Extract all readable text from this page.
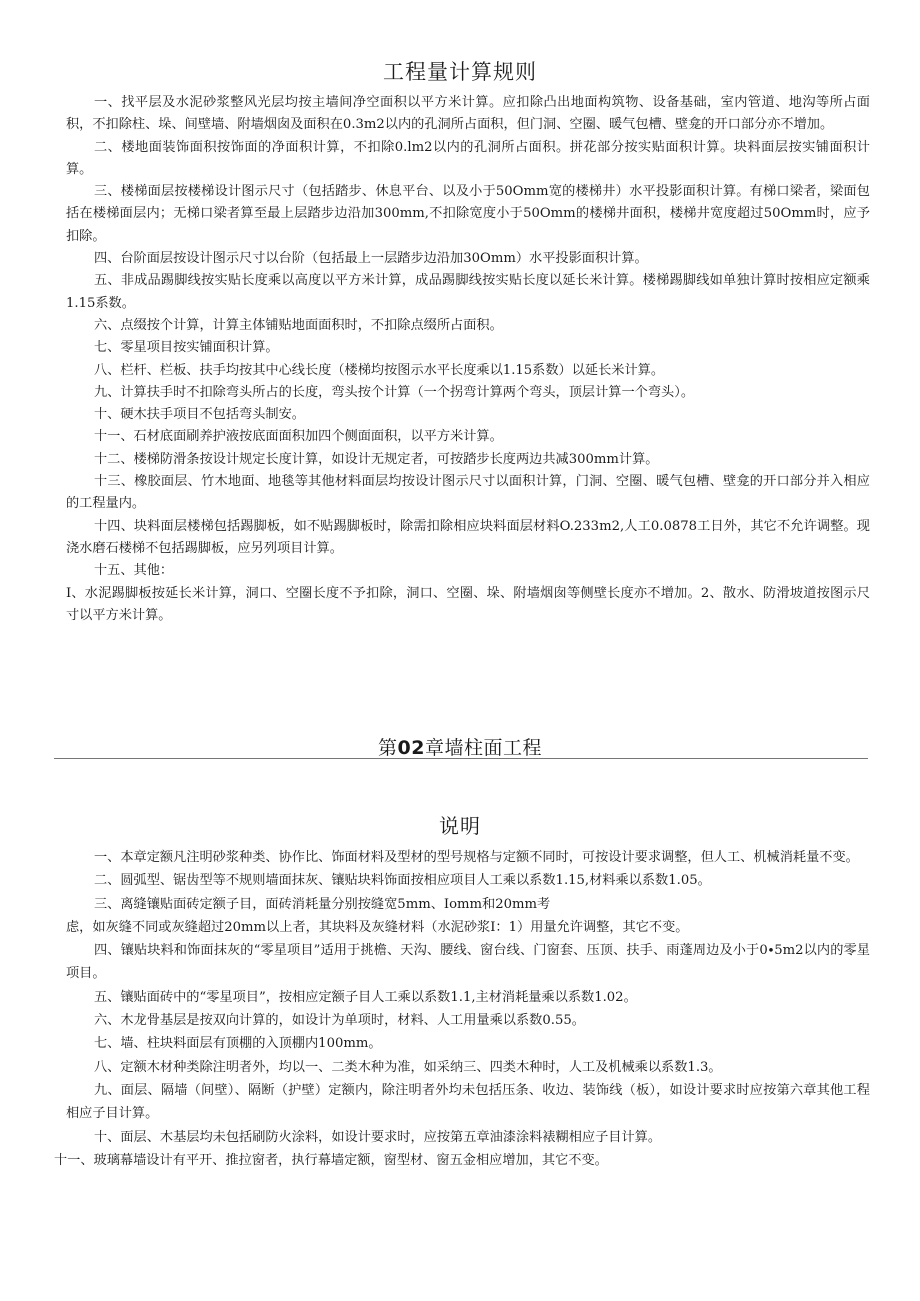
工程量计算规则

一、找平层及水泥砂浆整风光层均按主墙间净空面积以平方米计算。应扣除凸出地面构筑物、设备基础，室内管道、地沟等所占面积，不扣除柱、垛、间壁墙、附墙烟囱及面积在0.3m2以内的孔洞所占面积，但门洞、空圈、暖气包槽、壁龛的开口部分亦不增加。

二、楼地面装饰面积按饰面的净面积计算，不扣除0.lm2以内的孔洞所占面积。拼花部分按实贴面积计算。块料面层按实铺面积计算。

三、楼梯面层按楼梯设计图示尺寸（包括踏步、休息平台、以及小于50Omm宽的楼梯井）水平投影面积计算。有梯口梁者，梁面包括在楼梯面层内；无梯口梁者算至最上层踏步边沿加300mm,不扣除宽度小于50Omm的楼梯井面积，楼梯井宽度超过50Omm时，应予扣除。

四、台阶面层按设计图示尺寸以台阶（包括最上一层踏步边沿加30Omm）水平投影面积计算。

五、非成品踢脚线按实贴长度乘以高度以平方米计算，成品踢脚线按实贴长度以延长米计算。楼梯踢脚线如单独计算时按相应定额乘1.15系数。

六、点缀按个计算，计算主体铺贴地面面积时，不扣除点缀所占面积。

七、零星项目按实铺面积计算。

八、栏杆、栏板、扶手均按其中心线长度（楼梯均按图示水平长度乘以1.15系数）以延长米计算。

九、计算扶手时不扣除弯头所占的长度，弯头按个计算（一个拐弯计算两个弯头，顶层计算一个弯头）。

十、硬木扶手项目不包括弯头制安。

十一、石材底面刷养护液按底面面积加四个侧面面积，以平方米计算。

十二、楼梯防滑条按设计规定长度计算，如设计无规定者，可按踏步长度两边共减300mm计算。

十三、橡胶面层、竹木地面、地毯等其他材料面层均按设计图示尺寸以面积计算，门洞、空圈、暖气包槽、壁龛的开口部分并入相应的工程量内。

十四、块料面层楼梯包括踢脚板，如不贴踢脚板时，除需扣除相应块料面层材料O.233m2,人工0.0878工日外，其它不允许调整。现浇水磨石楼梯不包括踢脚板，应另列项目计算。

十五、其他：

I、水泥踢脚板按延长米计算，洞口、空圈长度不予扣除，洞口、空圈、垛、附墙烟囱等侧壁长度亦不增加。2、散水、防滑坡道按图示尺寸以平方米计算。

第02章墙柱面工程
说明

一、本章定额凡注明砂浆种类、协作比、饰面材料及型材的型号规格与定额不同时，可按设计要求调整，但人工、机械消耗量不变。

二、圆弧型、锯齿型等不规则墙面抹灰、镶贴块料饰面按相应项目人工乘以系数1.15,材料乘以系数1.05。

三、离缝镶贴面砖定额子目，面砖消耗量分别按缝宽5mm、Iomm和20mm考

虑，如灰缝不同或灰缝超过20mm以上者，其块料及灰缝材料（水泥砂浆I：1）用量允许调整，其它不变。

四、镶贴块料和饰面抹灰的“零星项目”适用于挑檐、天沟、腰线、窗台线、门窗套、压顶、扶手、雨蓬周边及小于0∙5m2以内的零星项目。

五、镶贴面砖中的“零星项目”，按相应定额子目人工乘以系数1.1,主材消耗量乘以系数1.02。

六、木龙骨基层是按双向计算的，如设计为单项时，材料、人工用量乘以系数0.55。

七、墙、柱块料面层有顶棚的入顶棚内100mm。

八、定额木材种类除注明者外，均以一、二类木种为准，如采纳三、四类木种时，人工及机械乘以系数1.3。

九、面层、隔墙（间壁）、隔断（护壁）定额内，除注明者外均未包括压条、收边、装饰线（板），如设计要求时应按第六章其他工程相应子目计算。

十、面层、木基层均未包括刷防火涂料，如设计要求时，应按第五章油漆涂料裱糊相应子目计算。

十一、玻璃幕墙设计有平开、推拉窗者，执行幕墙定额，窗型材、窗五金相应增加，其它不变。
